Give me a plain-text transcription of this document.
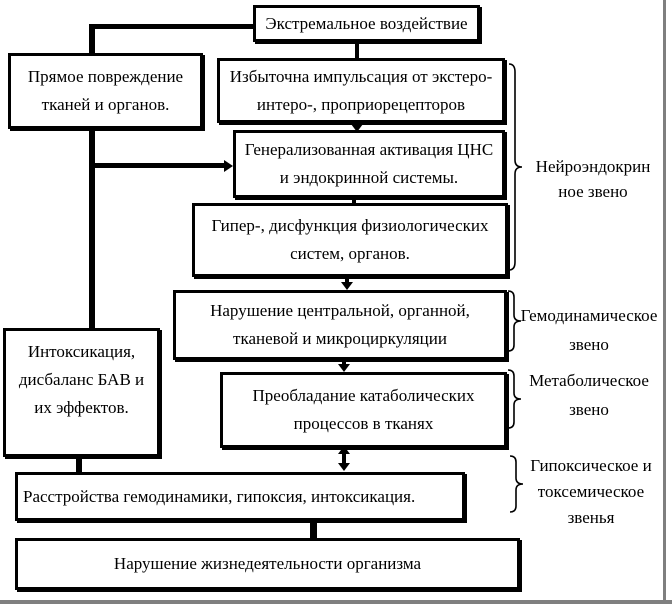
Экстремальное воздействие
Прямое повреждение
тканей и органов.
Избыточна импульсация от экстеро-
интеро-, проприорецепторов
Генерализованная активация ЦНС
и эндокринной системы.
Гипер-, дисфункция физиологических
систем, органов.
Нарушение центральной, органной,
тканевой и микроциркуляции
Интоксикация,
дисбаланс БАВ и
их эффектов.
Преобладание катаболических
процессов в тканях
Расстройства гемодинамики, гипоксия, интоксикация.
Нарушение жизнедеятельности организма
Нейроэндокрин
ное звено
Гемодинамическое
звено
Метаболическое
звено
Гипоксическое и
токсемическое
звенья
